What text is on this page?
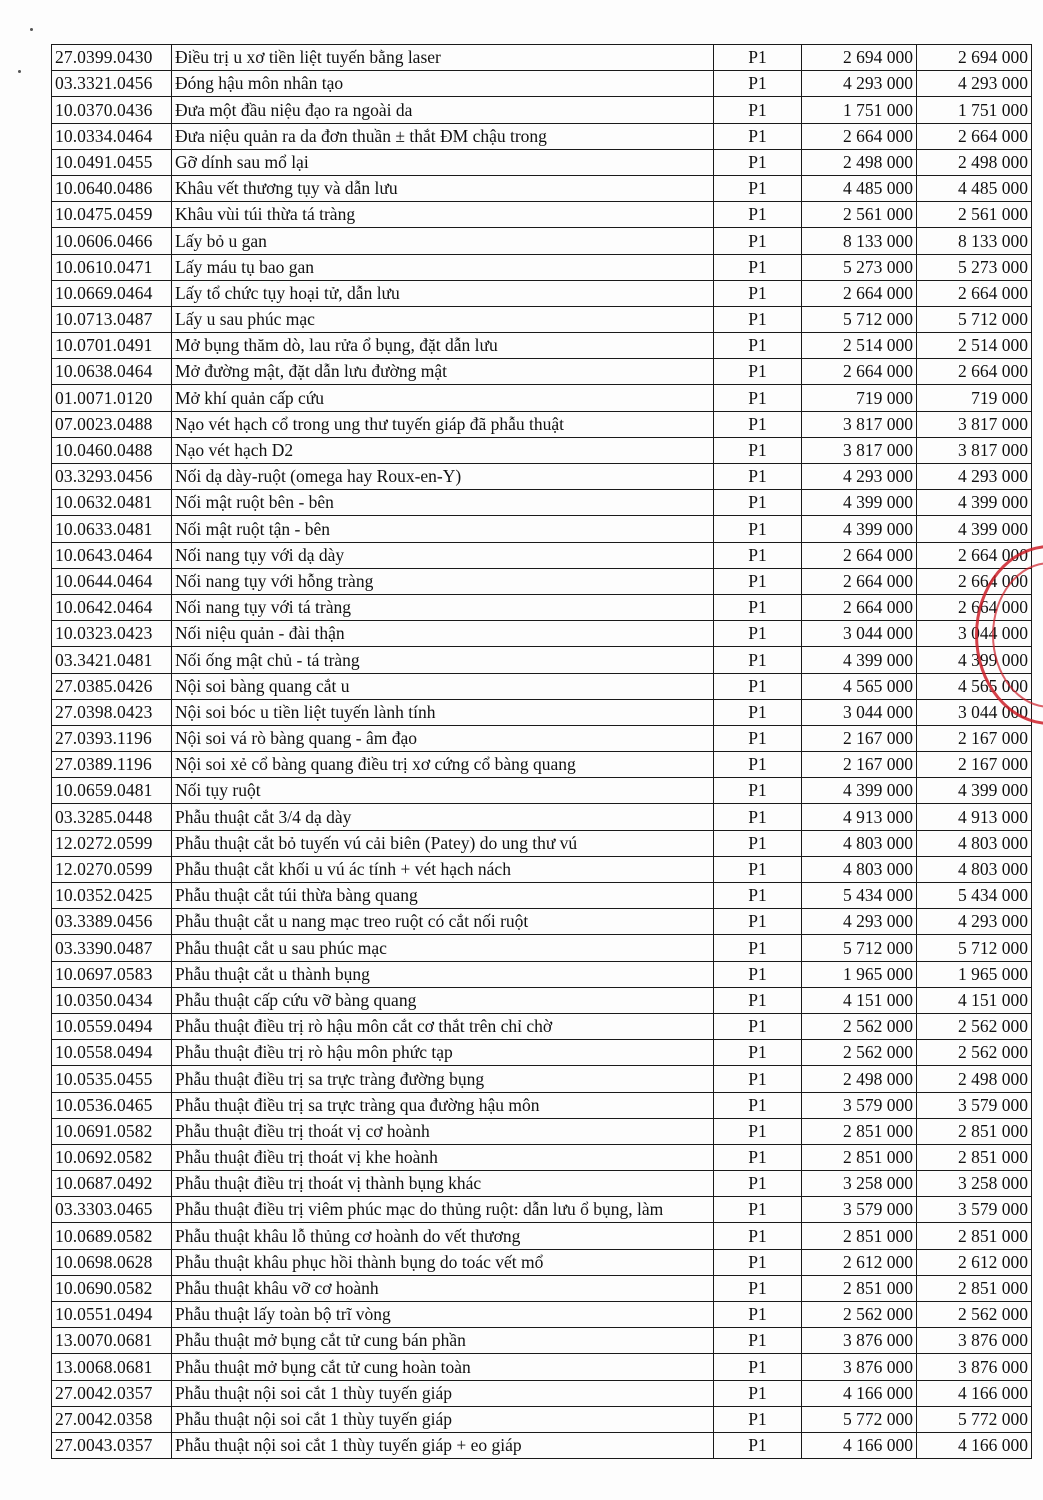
27.0399.0430	Điều trị u xơ tiền liệt tuyến bằng laser	P1	2 694 000	2 694 000
03.3321.0456	Đóng hậu môn nhân tạo	P1	4 293 000	4 293 000
10.0370.0436	Đưa một đầu niệu đạo ra ngoài da	P1	1 751 000	1 751 000
10.0334.0464	Đưa niệu quản ra da đơn thuần ± thắt ĐM chậu trong	P1	2 664 000	2 664 000
10.0491.0455	Gỡ dính sau mổ lại	P1	2 498 000	2 498 000
10.0640.0486	Khâu vết thương tụy và dẫn lưu	P1	4 485 000	4 485 000
10.0475.0459	Khâu vùi túi thừa tá tràng	P1	2 561 000	2 561 000
10.0606.0466	Lấy bỏ u gan	P1	8 133 000	8 133 000
10.0610.0471	Lấy máu tụ bao gan	P1	5 273 000	5 273 000
10.0669.0464	Lấy tổ chức tụy hoại tử, dẫn lưu	P1	2 664 000	2 664 000
10.0713.0487	Lấy u sau phúc mạc	P1	5 712 000	5 712 000
10.0701.0491	Mở bụng thăm dò, lau rửa ổ bụng, đặt dẫn lưu	P1	2 514 000	2 514 000
10.0638.0464	Mở đường mật, đặt dẫn lưu đường mật	P1	2 664 000	2 664 000
01.0071.0120	Mở khí quản cấp cứu	P1	719 000	719 000
07.0023.0488	Nạo vét hạch cổ trong ung thư tuyến giáp đã phẫu thuật	P1	3 817 000	3 817 000
10.0460.0488	Nạo vét hạch D2	P1	3 817 000	3 817 000
03.3293.0456	Nối dạ dày-ruột (omega hay Roux-en-Y)	P1	4 293 000	4 293 000
10.0632.0481	Nối mật ruột bên - bên	P1	4 399 000	4 399 000
10.0633.0481	Nối mật ruột tận - bên	P1	4 399 000	4 399 000
10.0643.0464	Nối nang tụy với dạ dày	P1	2 664 000	2 664 000
10.0644.0464	Nối nang tụy với hỗng tràng	P1	2 664 000	2 664 000
10.0642.0464	Nối nang tụy với tá tràng	P1	2 664 000	2 664 000
10.0323.0423	Nối niệu quản - đài thận	P1	3 044 000	3 044 000
03.3421.0481	Nối ống mật chủ - tá tràng	P1	4 399 000	4 399 000
27.0385.0426	Nội soi bàng quang cắt u	P1	4 565 000	4 565 000
27.0398.0423	Nội soi bóc u tiền liệt tuyến lành tính	P1	3 044 000	3 044 000
27.0393.1196	Nội soi vá rò bàng quang - âm đạo	P1	2 167 000	2 167 000
27.0389.1196	Nội soi xẻ cổ bàng quang điều trị xơ cứng cổ bàng quang	P1	2 167 000	2 167 000
10.0659.0481	Nối tụy ruột	P1	4 399 000	4 399 000
03.3285.0448	Phẫu thuật cắt 3/4 dạ dày	P1	4 913 000	4 913 000
12.0272.0599	Phẫu thuật cắt bỏ tuyến vú cải biên (Patey) do ung thư vú	P1	4 803 000	4 803 000
12.0270.0599	Phẫu thuật cắt khối u vú ác tính + vét hạch nách	P1	4 803 000	4 803 000
10.0352.0425	Phẫu thuật cắt túi thừa bàng quang	P1	5 434 000	5 434 000
03.3389.0456	Phẫu thuật cắt u nang mạc treo ruột có cắt nối ruột	P1	4 293 000	4 293 000
03.3390.0487	Phẫu thuật cắt u sau phúc mạc	P1	5 712 000	5 712 000
10.0697.0583	Phẫu thuật cắt u thành bụng	P1	1 965 000	1 965 000
10.0350.0434	Phẫu thuật cấp cứu vỡ bàng quang	P1	4 151 000	4 151 000
10.0559.0494	Phẫu thuật điều trị rò hậu môn cắt cơ thắt trên chỉ chờ	P1	2 562 000	2 562 000
10.0558.0494	Phẫu thuật điều trị rò hậu môn phức tạp	P1	2 562 000	2 562 000
10.0535.0455	Phẫu thuật điều trị sa trực tràng đường bụng	P1	2 498 000	2 498 000
10.0536.0465	Phẫu thuật điều trị sa trực tràng qua đường hậu môn	P1	3 579 000	3 579 000
10.0691.0582	Phẫu thuật điều trị thoát vị cơ hoành	P1	2 851 000	2 851 000
10.0692.0582	Phẫu thuật điều trị thoát vị khe hoành	P1	2 851 000	2 851 000
10.0687.0492	Phẫu thuật điều trị thoát vị thành bụng khác	P1	3 258 000	3 258 000
03.3303.0465	Phẫu thuật điều trị viêm phúc mạc do thủng ruột: dẫn lưu ổ bụng, làm	P1	3 579 000	3 579 000
10.0689.0582	Phẫu thuật khâu lỗ thủng cơ hoành do vết thương	P1	2 851 000	2 851 000
10.0698.0628	Phẫu thuật khâu phục hồi thành bụng do toác vết mổ	P1	2 612 000	2 612 000
10.0690.0582	Phẫu thuật khâu vỡ cơ hoành	P1	2 851 000	2 851 000
10.0551.0494	Phẫu thuật lấy toàn bộ trĩ vòng	P1	2 562 000	2 562 000
13.0070.0681	Phẫu thuật mở bụng cắt tử cung bán phần	P1	3 876 000	3 876 000
13.0068.0681	Phẫu thuật mở bụng cắt tử cung hoàn toàn	P1	3 876 000	3 876 000
27.0042.0357	Phẫu thuật nội soi cắt 1 thùy tuyến giáp	P1	4 166 000	4 166 000
27.0042.0358	Phẫu thuật nội soi cắt 1 thùy tuyến giáp	P1	5 772 000	5 772 000
27.0043.0357	Phẫu thuật nội soi cắt 1 thùy tuyến giáp + eo giáp	P1	4 166 000	4 166 000
